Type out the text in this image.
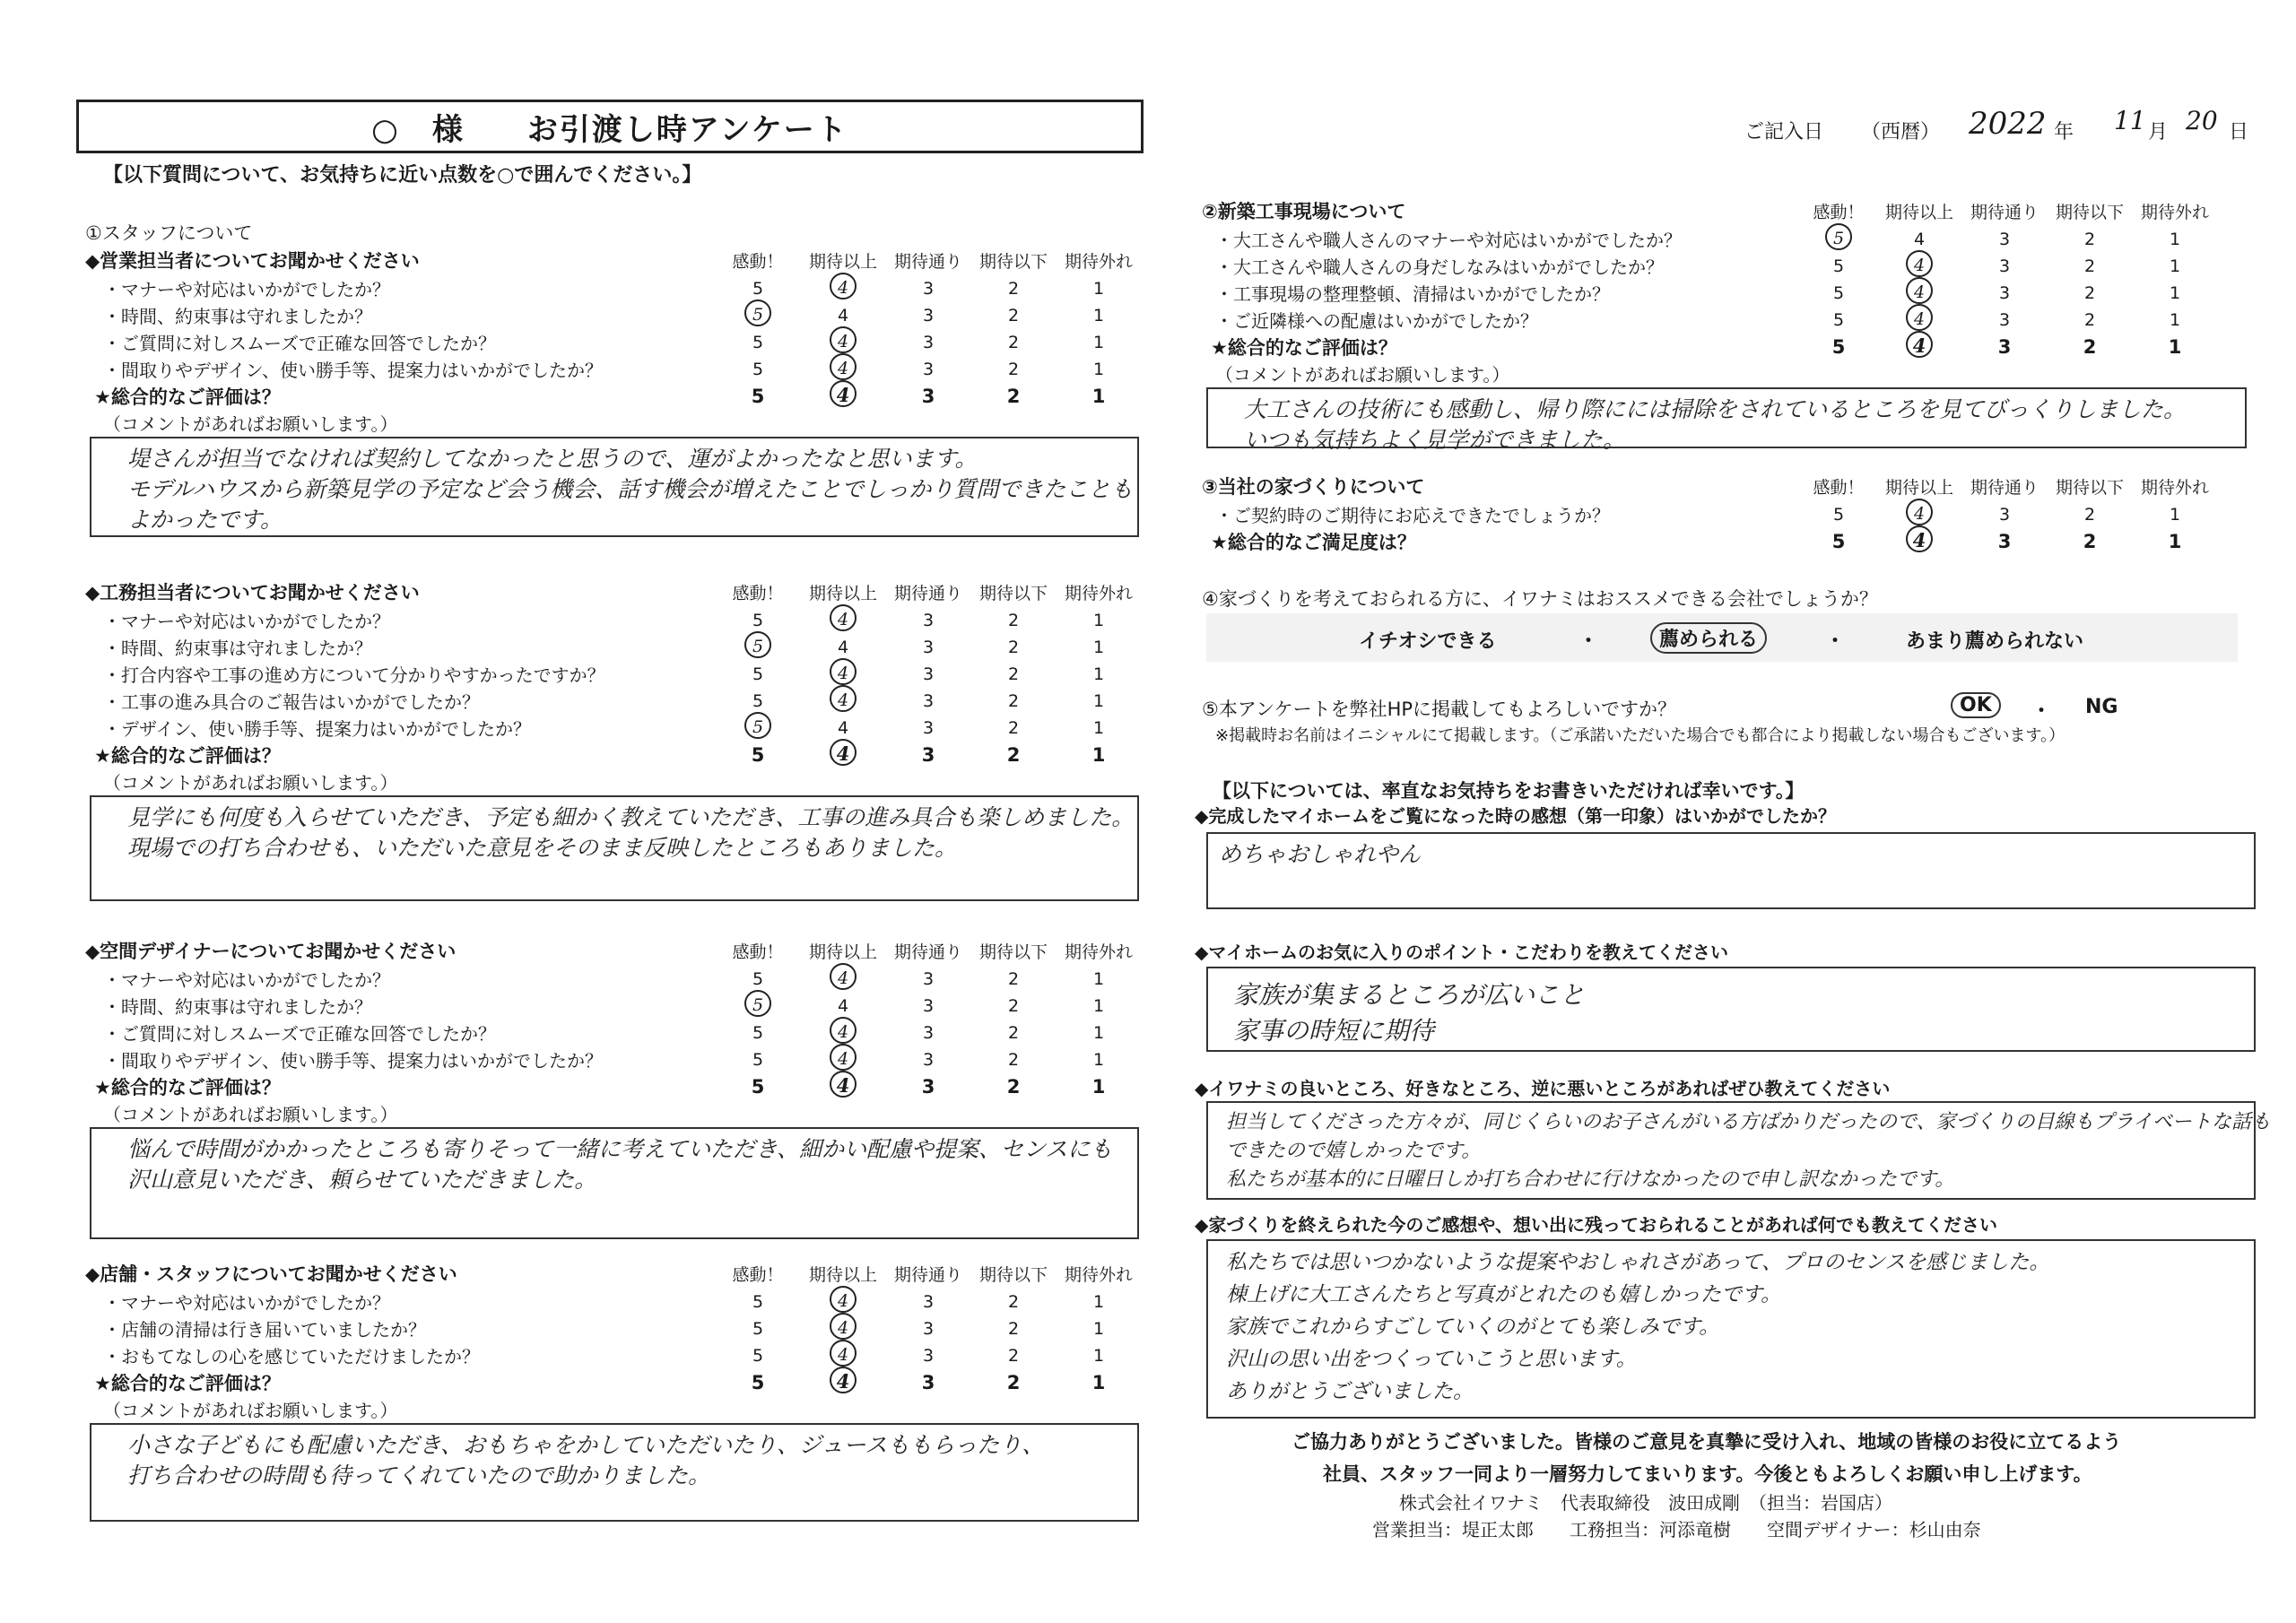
○　 様 お引渡し時アンケート
【以下質問について、お気持ちに近い点数を○で囲んでください。】
ご記入日 （西暦） 2022 年 11 月 20 日
①スタッフについて
◆営業担当者についてお聞かせください	感動！	期待以上 期待通り 期待以下 期待外れ
・マナーや対応はいかがでしたか？	5	4	3	2	1
・時間、約束事は守れましたか？	5	4	3	2	1
・ご質問に対しスムーズで正確な回答でしたか？	5	4	3	2	1
・間取りやデザイン、使い勝手等、提案力はいかがでしたか？	5	4	3	2	1
★総合的なご評価は？	5	4	3	2	1
（コメントがあればお願いします。）
堤さんが担当でなければ契約してなかったと思うので、運がよかったなと思います。
モデルハウスから新築見学の予定など会う機会、話す機会が増えたことでしっかり質問できたことも
よかったです。
◆工務担当者についてお聞かせください	感動！	期待以上 期待通り 期待以下 期待外れ
・マナーや対応はいかがでしたか？	5	4	3	2	1
・時間、約束事は守れましたか？	5	4	3	2	1
・打合内容や工事の進め方について分かりやすかったですか？	5	4	3	2	1
・工事の進み具合のご報告はいかがでしたか？	5	4	3	2	1
・デザイン、使い勝手等、提案力はいかがでしたか？	5	4	3	2	1
★総合的なご評価は？	5	4	3	2	1
（コメントがあればお願いします。）
見学にも何度も入らせていただき、予定も細かく教えていただき、工事の進み具合も楽しめました。
現場での打ち合わせも、いただいた意見をそのまま反映したところもありました。
◆空間デザイナーについてお聞かせください	感動！	期待以上 期待通り 期待以下 期待外れ
・マナーや対応はいかがでしたか？	5	4	3	2	1
・時間、約束事は守れましたか？	5	4	3	2	1
・ご質問に対しスムーズで正確な回答でしたか？	5	4	3	2	1
・間取りやデザイン、使い勝手等、提案力はいかがでしたか？	5	4	3	2	1
★総合的なご評価は？	5	4	3	2	1
（コメントがあればお願いします。）
悩んで時間がかかったところも寄りそって一緒に考えていただき、細かい配慮や提案、センスにも
沢山意見いただき、頼らせていただきました。
◆店舗・スタッフについてお聞かせください	感動！	期待以上 期待通り 期待以下 期待外れ
・マナーや対応はいかがでしたか？	5	4	3	2	1
・店舗の清掃は行き届いていましたか？	5	4	3	2	1
・おもてなしの心を感じていただけましたか？	5	4	3	2	1
★総合的なご評価は？	5	4	3	2	1
（コメントがあればお願いします。）
小さな子どもにも配慮いただき、おもちゃをかしていただいたり、ジュースももらったり、
打ち合わせの時間も待ってくれていたので助かりました。
②新築工事現場について	感動！	期待以上 期待通り 期待以下 期待外れ
・大工さんや職人さんのマナーや対応はいかがでしたか？	5	4	3	2	1
・大工さんや職人さんの身だしなみはいかがでしたか？	5	4	3	2	1
・工事現場の整理整頓、清掃はいかがでしたか？	5	4	3	2	1
・ご近隣様への配慮はいかがでしたか？	5	4	3	2	1
★総合的なご評価は？	5	4	3	2	1
（コメントがあればお願いします。）
大工さんの技術にも感動し、帰り際にには掃除をされているところを見てびっくりしました。
いつも気持ちよく見学ができました。
③当社の家づくりについて	感動！	期待以上 期待通り 期待以下 期待外れ
・ご契約時のご期待にお応えできたでしょうか？	5	4	3	2	1
★総合的なご満足度は？	5	4	3	2	1
④家づくりを考えておられる方に、イワナミはおススメできる会社でしょうか？
イチオシできる	・	薦められる	・	あまり薦められない
⑤本アンケートを弊社HPに掲載してもよろしいですか？	OK	・ NG
※掲載時お名前はイニシャルにて掲載します。（ご承諾いただいた場合でも都合により掲載しない場合もございます。）
【以下については、率直なお気持ちをお書きいただければ幸いです。】
◆完成したマイホームをご覧になった時の感想（第一印象）はいかがでしたか？
めちゃおしゃれやん
◆マイホームのお気に入りのポイント・こだわりを教えてください
家族が集まるところが広いこと
家事の時短に期待
◆イワナミの良いところ、好きなところ、逆に悪いところがあればぜひ教えてください
担当してくださった方々が、同じくらいのお子さんがいる方ばかりだったので、家づくりの目線もプライベートな話も
できたので嬉しかったです。
私たちが基本的に日曜日しか打ち合わせに行けなかったので申し訳なかったです。
◆家づくりを終えられた今のご感想や、想い出に残っておられることがあれば何でも教えてください
私たちでは思いつかないような提案やおしゃれさがあって、プロのセンスを感じました。
棟上げに大工さんたちと写真がとれたのも嬉しかったです。
家族でこれからすごしていくのがとても楽しみです。
沢山の思い出をつくっていこうと思います。
ありがとうございました。
ご協力ありがとうございました。皆様のご意見を真摯に受け入れ、地域の皆様のお役に立てるよう
社員、スタッフ一同より一層努力してまいります。今後ともよろしくお願い申し上げます。
株式会社イワナミ　代表取締役　波田成剛　（担当：岩国店）
営業担当：堤正太郎　　工務担当：河添竜樹　　空間デザイナー：杉山由奈
